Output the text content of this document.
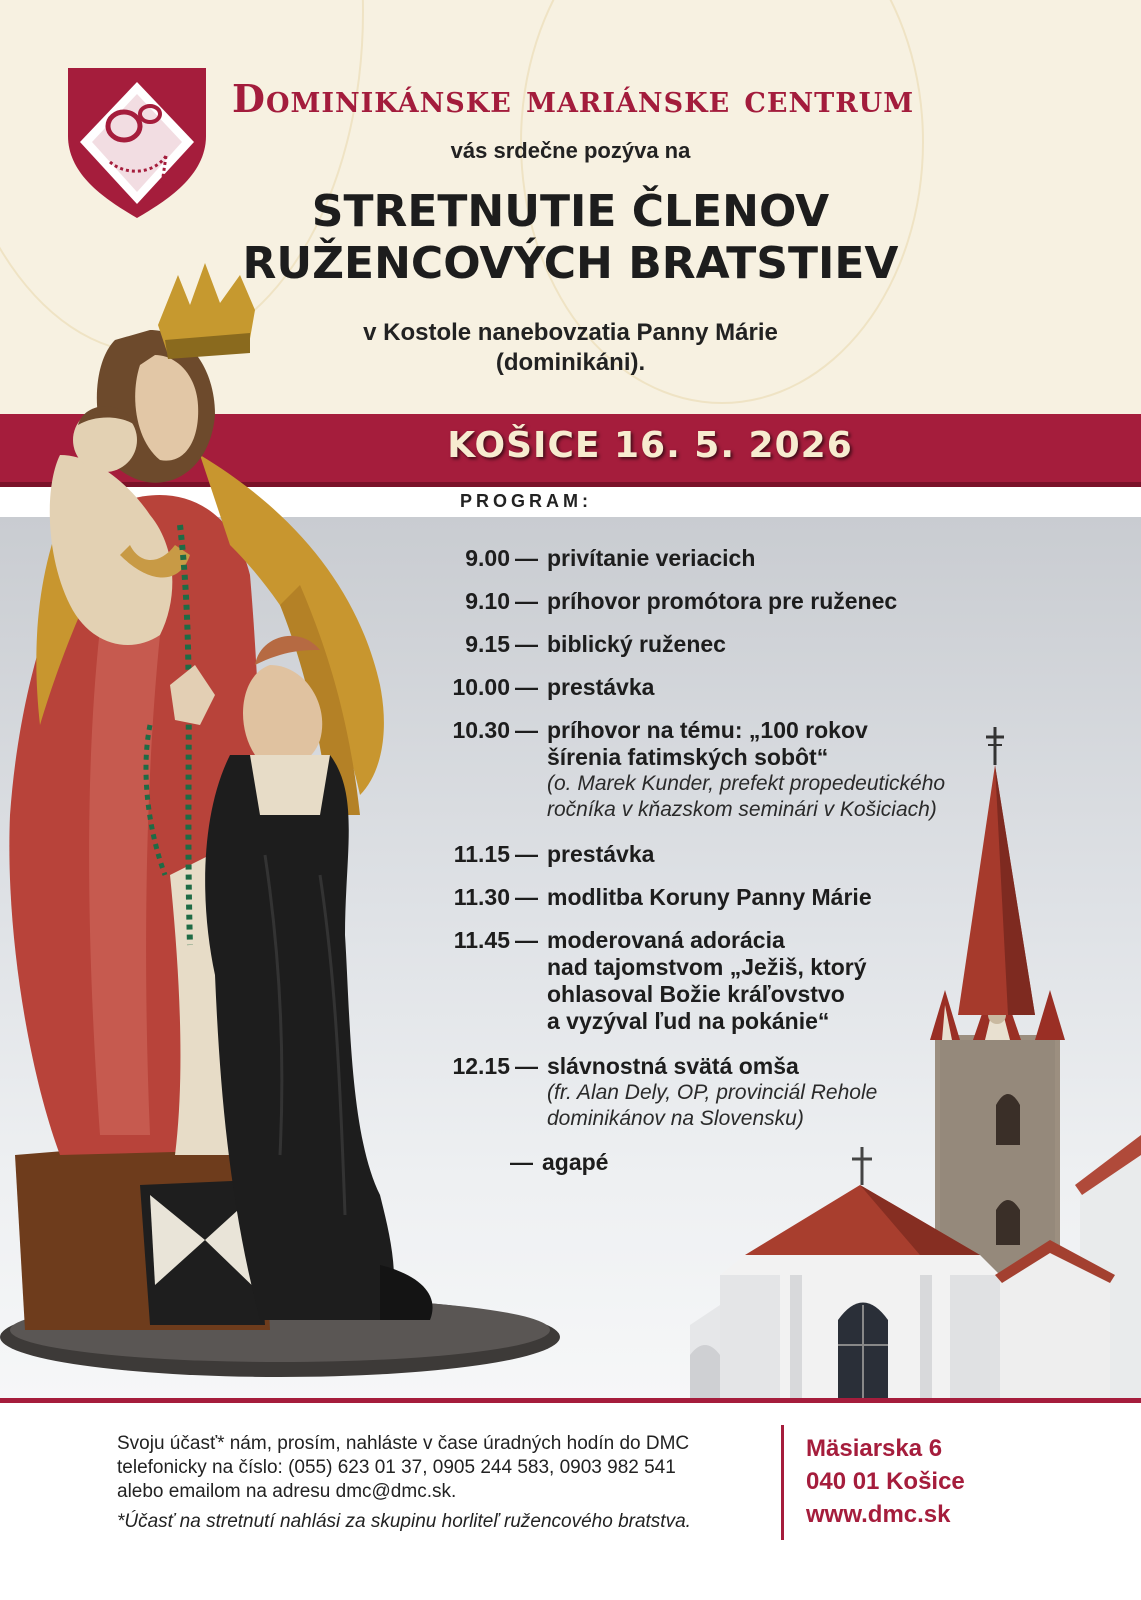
Dominikánske mariánske centrum
vás srdečne pozýva na
STRETNUTIE ČLENOV
RUŽENCOVÝCH BRATSTIEV
v Kostole nanebovzatia Panny Márie
(dominikáni).
KOŠICE 16. 5. 2026
PROGRAM:
9.00 — privítanie veriacich
9.10 — príhovor promótora pre ruženec
9.15 — biblický ruženec
10.00 — prestávka
10.30 — príhovor na tému: „100 rokov
šírenia fatimských sobôt“
(o. Marek Kunder, prefekt propedeutického
ročníka v kňazskom seminári v Košiciach)
11.15 — prestávka
11.30 — modlitba Koruny Panny Márie
11.45 — moderovaná adorácia
nad tajomstvom „Ježiš, ktorý
ohlasoval Božie kráľovstvo
a vyzýval ľud na pokánie“
12.15 — slávnostná svätá omša
(fr. Alan Dely, OP, provinciál Rehole
dominikánov na Slovensku)
— agapé
Svoju účasť* nám, prosím, nahláste v čase úradných hodín do DMC
telefonicky na číslo: (055) 623 01 37, 0905 244 583, 0903 982 541
alebo emailom na adresu dmc@dmc.sk.
*Účasť na stretnutí nahlási za skupinu horliteľ ružencového bratstva.
Mäsiarska 6
040 01 Košice
www.dmc.sk
